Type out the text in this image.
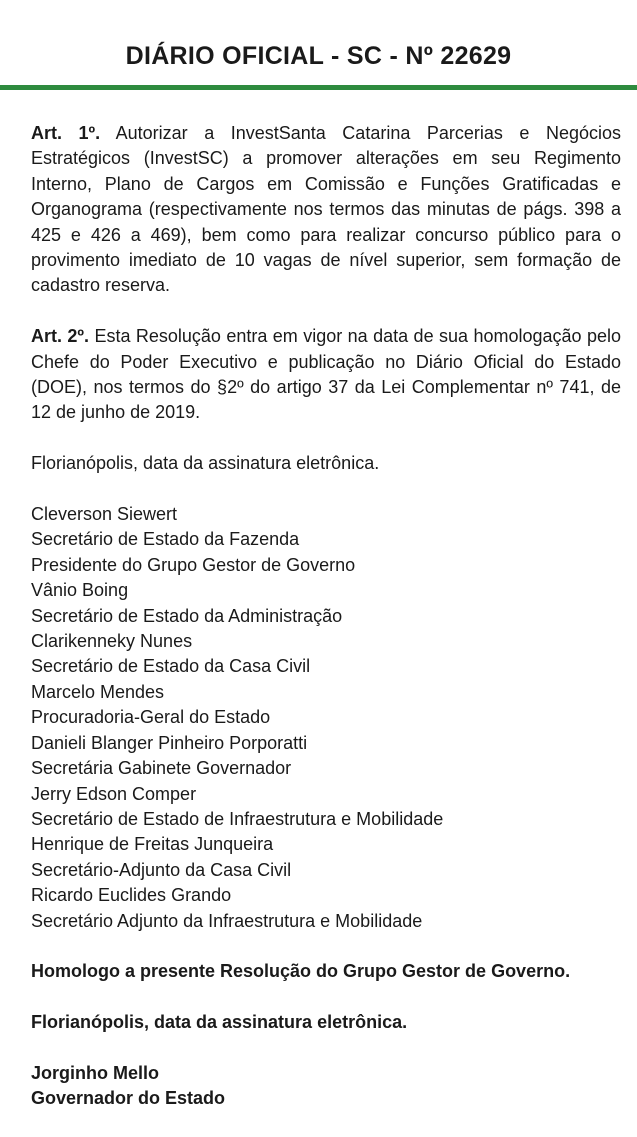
DIÁRIO OFICIAL - SC - Nº 22629

Art. 1º. Autorizar a InvestSanta Catarina Parcerias e Negócios Estratégicos (InvestSC) a promover alterações em seu Regimento Interno, Plano de Cargos em Comissão e Funções Gratificadas e Organograma (respectivamente nos termos das minutas de págs. 398 a 425 e 426 a 469), bem como para realizar concurso público para o provimento imediato de 10 vagas de nível superior, sem formação de cadastro reserva.

Art. 2º. Esta Resolução entra em vigor na data de sua homologação pelo Chefe do Poder Executivo e publicação no Diário Oficial do Estado (DOE), nos termos do §2º do artigo 37 da Lei Complementar nº 741, de 12 de junho de 2019.

Florianópolis, data da assinatura eletrônica.

Cleverson Siewert
Secretário de Estado da Fazenda
Presidente do Grupo Gestor de Governo
Vânio Boing
Secretário de Estado da Administração
Clarikenneky Nunes
Secretário de Estado da Casa Civil
Marcelo Mendes
Procuradoria-Geral do Estado
Danieli Blanger Pinheiro Porporatti
Secretária Gabinete Governador
Jerry Edson Comper
Secretário de Estado de Infraestrutura e Mobilidade
Henrique de Freitas Junqueira
Secretário-Adjunto da Casa Civil
Ricardo Euclides Grando
Secretário Adjunto da Infraestrutura e Mobilidade

Homologo a presente Resolução do Grupo Gestor de Governo.

Florianópolis, data da assinatura eletrônica.

Jorginho Mello
Governador do Estado
